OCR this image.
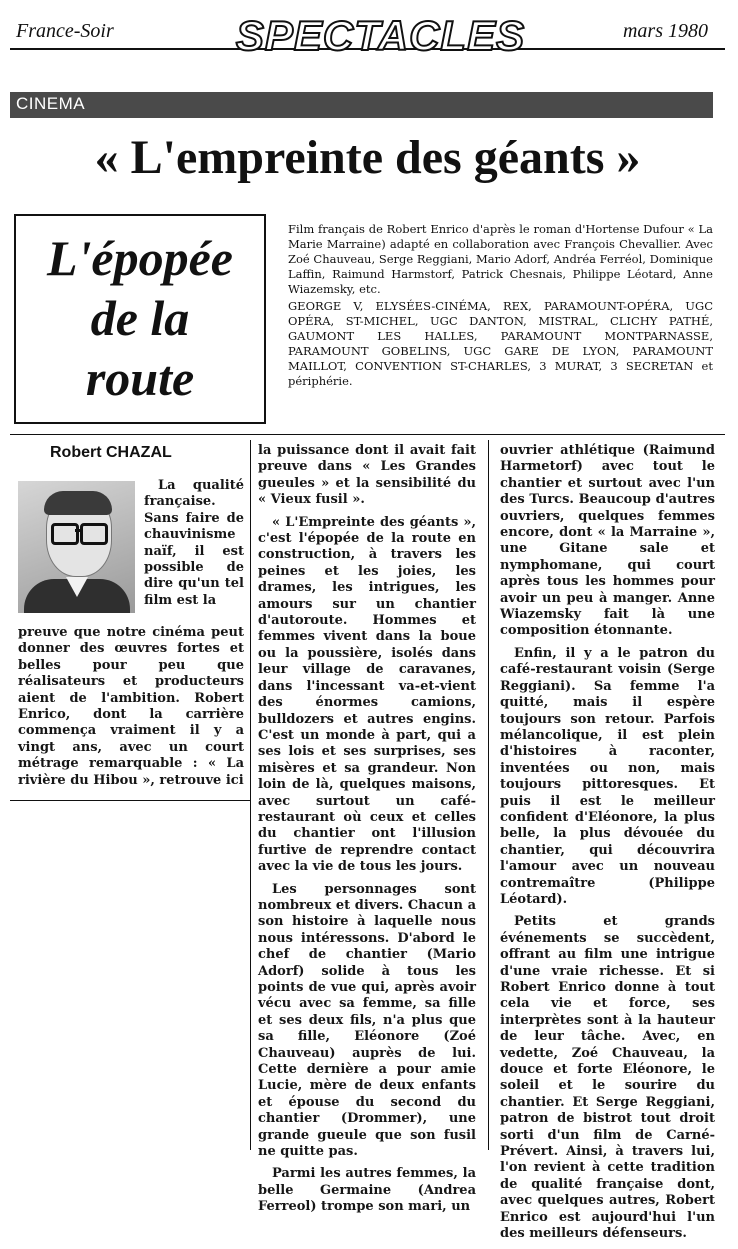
France-Soir	SPECTACLES	mars 1980
CINEMA
« L'empreinte des géants »
L'épopée
de la
route

Film français de Robert Enrico d'après le roman d'Hortense Dufour « La Marie Marraine) adapté en collaboration avec François Chevallier. Avec Zoé Chauveau, Serge Reggiani, Mario Adorf, Andréa Ferréol, Dominique Laffin, Raimund Harmstorf, Patrick Chesnais, Philippe Léotard, Anne Wiazemsky, etc.

GEORGE V, ELYSÉES-CINÉMA, REX, PARAMOUNT-OPÉRA, UGC OPÉRA, ST-MICHEL, UGC DANTON, MISTRAL, CLICHY PATHÉ, GAUMONT LES HALLES, PARAMOUNT MONTPARNASSE, PARAMOUNT GOBELINS, UGC GARE DE LYON, PARAMOUNT MAILLOT, CONVENTION ST-CHARLES, 3 MURAT, 3 SECRETAN et périphérie.

Robert CHAZAL

La qualité française. Sans faire de chauvinisme naïf, il est possible de dire qu'un tel film est la

preuve que notre cinéma peut donner des œuvres fortes et belles pour peu que réalisateurs et producteurs aient de l'ambition. Robert Enrico, dont la carrière commença vraiment il y a vingt ans, avec un court métrage remarquable : « La rivière du Hibou », retrouve ici

la puissance dont il avait fait preuve dans « Les Grandes gueules » et la sensibilité du « Vieux fusil ».

« L'Empreinte des géants », c'est l'épopée de la route en construction, à travers les peines et les joies, les drames, les intrigues, les amours sur un chantier d'autoroute. Hommes et femmes vivent dans la boue ou la poussière, isolés dans leur village de caravanes, dans l'incessant va-et-vient des énormes camions, bulldozers et autres engins. C'est un monde à part, qui a ses lois et ses surprises, ses misères et sa grandeur. Non loin de là, quelques maisons, avec surtout un café-restaurant où ceux et celles du chantier ont l'illusion furtive de reprendre contact avec la vie de tous les jours.

Les personnages sont nombreux et divers. Chacun a son histoire à laquelle nous nous intéressons. D'abord le chef de chantier (Mario Adorf) solide à tous les points de vue qui, après avoir vécu avec sa femme, sa fille et ses deux fils, n'a plus que sa fille, Eléonore (Zoé Chauveau) auprès de lui. Cette dernière a pour amie Lucie, mère de deux enfants et épouse du second du chantier (Drommer), une grande gueule que son fusil ne quitte pas.

Parmi les autres femmes, la belle Germaine (Andrea Ferreol) trompe son mari, un

ouvrier athlétique (Raimund Harmetorf) avec tout le chantier et surtout avec l'un des Turcs. Beaucoup d'autres ouvriers, quelques femmes encore, dont « la Marraine », une Gitane sale et nymphomane, qui court après tous les hommes pour avoir un peu à manger. Anne Wiazemsky fait là une composition étonnante.

Enfin, il y a le patron du café-restaurant voisin (Serge Reggiani). Sa femme l'a quitté, mais il espère toujours son retour. Parfois mélancolique, il est plein d'histoires à raconter, inventées ou non, mais toujours pittoresques. Et puis il est le meilleur confident d'Eléonore, la plus belle, la plus dévouée du chantier, qui découvrira l'amour avec un nouveau contremaître (Philippe Léotard).

Petits et grands événements se succèdent, offrant au film une intrigue d'une vraie richesse. Et si Robert Enrico donne à tout cela vie et force, ses interprètes sont à la hauteur de leur tâche. Avec, en vedette, Zoé Chauveau, la douce et forte Eléonore, le soleil et le sourire du chantier. Et Serge Reggiani, patron de bistrot tout droit sorti d'un film de Carné-Prévert. Ainsi, à travers lui, l'on revient à cette tradition de qualité française dont, avec quelques autres, Robert Enrico est aujourd'hui l'un des meilleurs défenseurs.
